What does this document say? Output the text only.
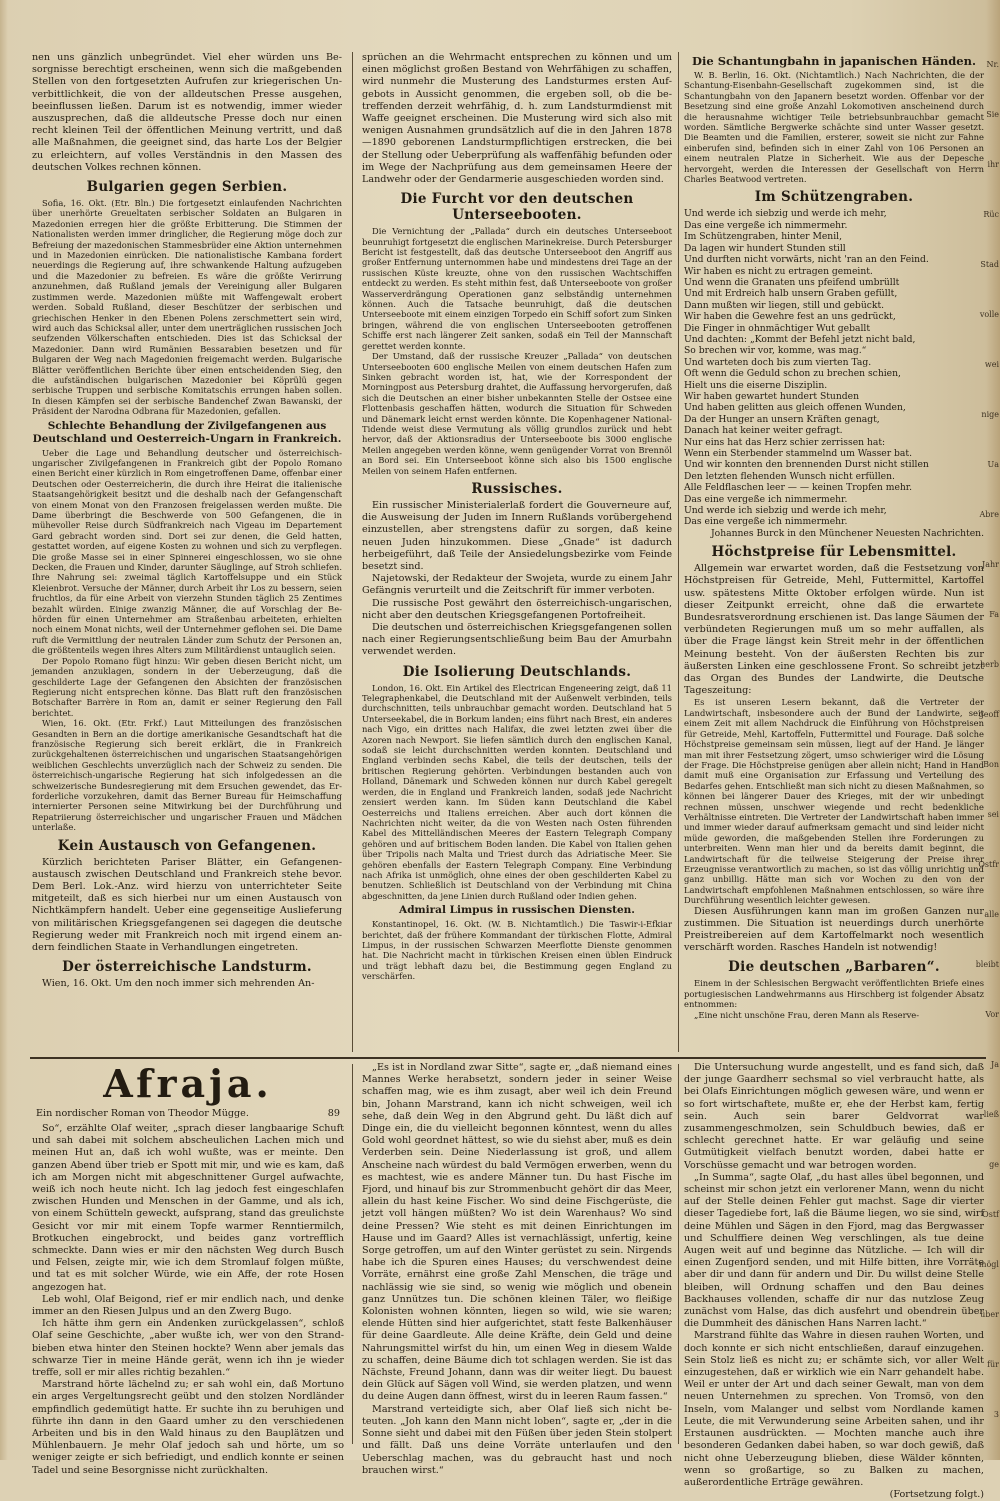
nen uns gänzlich unbegründet. Viel eher würden uns Besorgnisse berechtigt erscheinen, wenn sich die maßgebenden Stellen von den fortgesetzten Aufrufen zur kriegerischen Unverbittlichkeit, die von der alldeutschen Presse ausgehen, beeinflussen ließen. Darum ist es notwendig, immer wieder auszusprechen, daß die alldeutsche Presse doch nur einen recht kleinen Teil der öffentlichen Meinung vertritt, und daß alle Maßnahmen, die geeignet sind, das harte Los der Belgier zu erleichtern, auf volles Verständnis in den Massen des deutschen Volkes rechnen können.

Bulgarien gegen Serbien.

Sofia, 16. Okt. (Etr. Bln.) Die fortgesetzt einlaufenden Nachrichten über unerhörte Greueltaten serbischer Soldaten an Bulgaren in Mazedonien erregen hier die größte Erbitterung. Die Stimmen der Nationalisten werden immer dringlicher, die Regierung möge doch zur Befreiung der mazedonischen Stammesbrüder eine Aktion unternehmen und in Mazedonien einrücken. Die nationalistische Kambana fordert neuerdings die Regierung auf, ihre schwankende Haltung aufzugeben und die Mazedonier zu befreien. Es wäre die größte Verirrung anzunehmen, daß Rußland jemals der Vereinigung aller Bulgaren zustimmen werde. Mazedonien müßte mit Waffengewalt erobert werden. Sobald Rußland, dieser Beschützer der serbischen und griechischen Henker in den Ebenen Polens zerschmettert sein wird, wird auch das Schicksal aller, unter dem unerträglichen russischen Joch seufzenden Völkerschaften entschieden. Dies ist das Schicksal der Mazedonier. Dann wird Rumänien Bessarabien besetzen und für Bulgaren der Weg nach Magedonien freigemacht werden. Bulgarische Blätter veröffentlichen Berichte über einen entscheidenden Sieg, den die aufständischen bulgarischen Mazedonier bei Köprülü gegen serbische Truppen und serbische Komitatschis errungen haben sollen. In diesen Kämpfen sei der serbische Bandenchef Zwan Bawanski, der Präsident der Narodna Odbrana für Mazedonien, gefallen.

Schlechte Behandlung der Zivilgefangenen aus Deutschland und Oesterreich-Ungarn in Frankreich.

Ueber die Lage und Behandlung deutscher und österreichisch-ungarischer Zivilgefangenen in Frankreich gibt der Popolo Romano einen Bericht einer kürzlich in Rom eingetroffenen Dame, offenbar einer Deutschen oder Oesterreicherin, die durch ihre Heirat die italienische Staatsangehörigkeit besitzt und die deshalb nach der Gefangenschaft von einem Monat von den Franzosen freigelassen werden mußte. Die Dame überbringt die Beschwerde von 500 Gefangenen, die in mühevoller Reise durch Südfrankreich nach Vigeau im Departement Gard gebracht worden sind. Dort sei zur denen, die Geld hatten, gestattet worden, auf eigene Kosten zu wohnen und sich zu verpflegen. Die große Masse sei in einer Spinnerei eingeschlossen, wo sie ohne Decken, die Frauen und Kinder, darunter Säuglinge, auf Stroh schliefen. Ihre Nahrung sei: zweimal täglich Kartoffelsuppe und ein Stück Kleienbrot. Versuche der Männer, durch Arbeit ihr Los zu bessern, seien fruchtlos, da für eine Arbeit von vierzehn Stunden täglich 25 Zentimes bezahlt würden. Einige zwanzig Männer, die auf Vorschlag der Behörden für einen Unternehmer am Straßenbau arbeiteten, erhielten noch einem Monat nichts, weil der Unternehmer geflohen sei. Die Dame ruft die Vermittlung der neutralen Länder zum Schutz der Personen an, die größtenteils wegen ihres Alters zum Militärdienst untauglich seien.

Der Popolo Romano fügt hinzu: Wir geben diesen Bericht nicht, um jemanden anzuklagen, sondern in der Ueberzeugung, daß die geschilderte Lage der Gefangenen den Absichten der französischen Regierung nicht entsprechen könne. Das Blatt ruft den französischen Botschafter Barrère in Rom an, damit er seiner Regierung den Fall berichtet.

Wien, 16. Okt. (Etr. Frkf.) Laut Mitteilungen des französischen Gesandten in Bern an die dortige amerikanische Gesandtschaft hat die französische Regierung sich bereit erklärt, die in Frankreich zurückgehaltenen österreichischen und ungarischen Staatsangehörigen weiblichen Geschlechts unverzüglich nach der Schweiz zu senden. Die österreichisch-ungarische Regierung hat sich infolgedessen an die schweizerische Bundesregierung mit dem Ersuchen gewendet, das Erforderliche vorzukehren, damit das Berner Bureau für Heimschaffung internierter Personen seine Mitwirkung bei der Durchführung und Repatriierung österreichischer und ungarischer Frauen und Mädchen unterlaße.

Kein Austausch von Gefangenen.

Kürzlich berichteten Pariser Blätter, ein Gefangenenaustausch zwischen Deutschland und Frankreich stehe bevor. Dem Berl. Lok.-Anz. wird hierzu von unterrichteter Seite mitgeteilt, daß es sich hierbei nur um einen Austausch von Nichtkämpfern handelt. Ueber eine gegenseitige Auslieferung von militärischen Kriegsgefangenen sei dagegen die deutsche Regierung weder mit Frankreich noch mit irgend einem andern feindlichen Staate in Verhandlungen eingetreten.

Der österreichische Landsturm.

Wien, 16. Okt. Um den noch immer sich mehrenden An-

sprüchen an die Wehrmacht entsprechen zu können und um einen möglichst großen Bestand von Wehrfähigen zu schaffen, wird nunmehr die Musterung des Landsturmes ersten Aufgebots in Aussicht genommen, die ergeben soll, ob die betreffenden derzeit wehrfähig, d. h. zum Landsturmdienst mit Waffe geeignet erscheinen. Die Musterung wird sich also mit wenigen Ausnahmen grundsätzlich auf die in den Jahren 1878—1890 geborenen Landsturmpflichtigen erstrecken, die bei der Stellung oder Ueberprüfung als waffenfähig befunden oder im Wege der Nachprüfung aus dem gemeinsamen Heere der Landwehr oder der Gendarmerie ausgeschieden worden sind.

Die Furcht vor den deutschen Unterseebooten.

Die Vernichtung der „Pallada“ durch ein deutsches Unterseeboot beunruhigt fortgesetzt die englischen Marinekreise. Durch Petersburger Bericht ist festgestellt, daß das deutsche Unterseeboot den Angriff aus großer Entfernung unternommen habe und mindestens drei Tage an der russischen Küste kreuzte, ohne von den russischen Wachtschiffen entdeckt zu werden. Es steht mithin fest, daß Unterseeboote von großer Wasserverdrängung Operationen ganz selbständig unternehmen können. Auch die Tatsache beunruhigt, daß die deutschen Unterseeboote mit einem einzigen Torpedo ein Schiff sofort zum Sinken bringen, während die von englischen Unterseebooten getroffenen Schiffe erst nach längerer Zeit sanken, sodaß ein Teil der Mannschaft gerettet werden konnte.

Der Umstand, daß der russische Kreuzer „Pallada“ von deutschen Unterseebooten 600 englische Meilen von einem deutschen Hafen zum Sinken gebracht worden ist, hat, wie der Korrespondent der Morningpost aus Petersburg drahtet, die Auffassung hervorgerufen, daß sich die Deutschen an einer bisher unbekannten Stelle der Ostsee eine Flottenbasis geschaffen hätten, wodurch die Situation für Schweden und Dänemark leicht ernst werden könnte. Die Kopenhagener National-Tidende weist diese Vermutung als völlig grundlos zurück und hebt hervor, daß der Aktionsradius der Unterseeboote bis 3000 englische Meilen angegeben werden könne, wenn genügender Vorrat von Brennöl an Bord sei. Ein Unterseeboot könne sich also bis 1500 englische Meilen von seinem Hafen entfernen.

Russisches.

Ein russischer Ministerialerlaß fordert die Gouverneure auf, die Ausweisung der Juden im Innern Rußlands vorübergehend einzustellen, aber strengstens dafür zu sorgen, daß keine neuen Juden hinzukommen. Diese „Gnade“ ist dadurch herbeigeführt, daß Teile der Ansiedelungsbezirke vom Feinde besetzt sind.

Najetowski, der Redakteur der Swojeta, wurde zu einem Jahr Gefängnis verurteilt und die Zeitschrift für immer verboten.

Die russische Post gewährt den österreichisch-ungarischen, nicht aber den deutschen Kriegsgefangenen Portofreiheit.

Die deutschen und österreichischen Kriegsgefangenen sollen nach einer Regierungsentschließung beim Bau der Amurbahn verwendet werden.

Die Isolierung Deutschlands.

London, 16. Okt. Ein Artikel des Electrican Engeneering zeigt, daß 11 Telegraphenkabel, die Deutschland mit der Außenwelt verbinden, teils durchschnitten, teils unbrauchbar gemacht worden. Deutschland hat 5 Unterseekabel, die in Borkum landen; eins führt nach Brest, ein anderes nach Vigo, ein drittes nach Halifax, die zwei letzten zwei über die Azoren nach Newport. Sie liefen sämtlich durch den englischen Kanal, sodaß sie leicht durchschnitten werden konnten. Deutschland und England verbinden sechs Kabel, die teils der deutschen, teils der britischen Regierung gehörten. Verbindungen bestanden auch von Holland, Dänemark und Schweden können nur durch Kabel geregelt werden, die in England und Frankreich landen, sodaß jede Nachricht zensiert werden kann. Im Süden kann Deutschland die Kabel Oesterreichs und Italiens erreichen. Aber auch dort können die Nachrichten nicht weiter, da die von Westen nach Osten führenden Kabel des Mittelländischen Meeres der Eastern Telegraph Company gehören und auf britischem Boden landen. Die Kabel von Italien gehen über Tripolis nach Malta und Triest durch das Adriatische Meer. Sie gehören ebenfalls der Eastern Telegraph Company. Eine Verbindung nach Afrika ist unmöglich, ohne eines der oben geschilderten Kabel zu benutzen. Schließlich ist Deutschland von der Verbindung mit China abgeschnitten, da jene Linien durch Rußland oder Indien gehen.

Admiral Limpus in russischen Diensten.

Konstantinopel, 16. Okt. (W. B. Nichtamtlich.) Die Taswir-i-Efkiar berichtet, daß der frühere Kommandant der türkischen Flotte, Admiral Limpus, in der russischen Schwarzen Meerflotte Dienste genommen hat. Die Nachricht macht in türkischen Kreisen einen üblen Eindruck und trägt lebhaft dazu bei, die Bestimmung gegen England zu verschärfen.

Die Schantungbahn in japanischen Händen.

W. B. Berlin, 16. Okt. (Nichtamtlich.) Nach Nachrichten, die der Schantung-Eisenbahn-Gesellschaft zugekommen sind, ist die Schantungbahn von den Japanern besetzt worden. Offenbar vor der Besetzung sind eine große Anzahl Lokomotiven anscheinend durch die herausnahme wichtiger Teile betriebsunbrauchbar gemacht worden. Sämtliche Bergwerke schächte sind unter Wasser gesetzt. Die Beamten und die Familien, ersterer, soweit sie nicht zur Fahne einberufen sind, befinden sich in einer Zahl von 106 Personen an einem neutralen Platze in Sicherheit. Wie aus der Depesche hervorgeht, werden die Interessen der Gesellschaft von Herrn Charles Beatwood vertreten.

Im Schützengraben.

Und werde ich siebzig und werde ich mehr,

Das eine vergeße ich nimmermehr.

Im Schützengraben, hinter Menil,

Da lagen wir hundert Stunden still

Und durften nicht vorwärts, nicht 'ran an den Feind.

Wir haben es nicht zu ertragen gemeint.

Und wenn die Granaten uns pfeifend umbrüllt

Und mit Erdreich halb unsern Graben gefüllt,

Dann mußten wir liegen, still und gebückt.

Wir haben die Gewehre fest an uns gedrückt,

Die Finger in ohnmächtiger Wut geballt

Und dachten: „Kommt der Befehl jetzt nicht bald,

So brechen wir vor, komme, was mag.“

Und warteten doch bis zum vierten Tag.

Oft wenn die Geduld schon zu brechen schien,

Hielt uns die eiserne Disziplin.

Wir haben gewartet hundert Stunden

Und haben gelitten aus gleich offenen Wunden,

Da der Hunger an unsern Kräften genagt,

Danach hat keiner weiter gefragt.

Nur eins hat das Herz schier zerrissen hat:

Wenn ein Sterbender stammelnd um Wasser bat.

Und wir konnten den brennenden Durst nicht stillen

Den letzten flehenden Wunsch nicht erfüllen.

Alle Feldflaschen leer — — keinen Tropfen mehr.

Das eine vergeße ich nimmermehr.

Und werde ich siebzig und werde ich mehr,

Das eine vergeße ich nimmermehr.

Johannes Burck in den Münchener Neuesten Nachrichten.

Höchstpreise für Lebensmittel.

Allgemein war erwartet worden, daß die Festsetzung von Höchstpreisen für Getreide, Mehl, Futtermittel, Kartoffel usw. spätestens Mitte Oktober erfolgen würde. Nun ist dieser Zeitpunkt erreicht, ohne daß die erwartete Bundesratsverordnung erschienen ist. Das lange Säumen der verbündeten Regierungen muß um so mehr auffallen, als über die Frage längst kein Streit mehr in der öffentlichen Meinung besteht. Von der äußersten Rechten bis zur äußersten Linken eine geschlossene Front. So schreibt jetzt das Organ des Bundes der Landwirte, die Deutsche Tageszeitung:

Es ist unseren Lesern bekannt, daß die Vertreter der Landwirtschaft, insbesondere auch der Bund der Landwirte, seit einem Zeit mit allem Nachdruck die Einführung von Höchstpreisen für Getreide, Mehl, Kartoffeln, Futtermittel und Fourage. Daß solche Höchstpreise gemeinsam sein müssen, liegt auf der Hand. Je länger man mit ihrer Festsetzung zögert, umso schwieriger wird die Lösung der Frage. Die Höchstpreise genügen aber allein nicht; Hand in Hand damit muß eine Organisation zur Erfassung und Verteilung des Bedarfes gehen. Entschließt man sich nicht zu diesen Maßnahmen, so können bei längerer Dauer des Krieges, mit der wir unbedingt rechnen müssen, unschwer wiegende und recht bedenkliche Verhältnisse eintreten. Die Vertreter der Landwirtschaft haben immer und immer wieder darauf aufmerksam gemacht und sind leider nicht müde geworden, die maßgebenden Stellen ihre Forderungen zu unterbreiten. Wenn man hier und da bereits damit beginnt, die Landwirtschaft für die teilweise Steigerung der Preise ihrer Erzeugnisse verantwortlich zu machen, so ist das völlig unrichtig und ganz unbillig. Hätte man sich vor Wochen zu den von der Landwirtschaft empfohlenen Maßnahmen entschlossen, so wäre ihre Durchführung wesentlich leichter gewesen.

Diesen Ausführungen kann man im großen Ganzen nur zustimmen. Die Situation ist neuerdings durch unerhörte Preistreibereien auf dem Kartoffelmarkt noch wesentlich verschärft worden. Rasches Handeln ist notwendig!

Die deutschen „Barbaren“.

Einem in der Schlesischen Bergwacht veröffentlichten Briefe eines portugiesischen Landwehrmanns aus Hirschberg ist folgender Absatz entnommen:

„Eine nicht unschöne Frau, deren Mann als Reserve-

Afraja.
Ein nordischer Roman von Theodor Mügge.	89

So“, erzählte Olaf weiter, „sprach dieser langbaarige Schuft und sah dabei mit solchem abscheulichen Lachen mich und meinen Hut an, daß ich wohl wußte, was er meinte. Den ganzen Abend über trieb er Spott mit mir, und wie es kam, daß ich am Morgen nicht mit abgeschnittener Gurgel aufwachte, weiß ich noch heute nicht. Ich lag jedoch fest eingeschlafen zwischen Hunden und Menschen in der Gamme, und als ich, von einem Schütteln geweckt, aufsprang, stand das greulichste Gesicht vor mir mit einem Topfe warmer Renntiermilch, Brotkuchen eingebrockt, und beides ganz vortrefflich schmeckte. Dann wies er mir den nächsten Weg durch Busch und Felsen, zeigte mir, wie ich dem Stromlauf folgen müßte, und tat es mit solcher Würde, wie ein Affe, der rote Hosen angezogen hat.

Leb wohl, Olaf Beigond, rief er mir endlich nach, und denke immer an den Riesen Julpus und an den Zwerg Bugo.

Ich hätte ihm gern ein Andenken zurückgelassen“, schloß Olaf seine Geschichte, „aber wußte ich, wer von den Strandbieben etwa hinter den Steinen hockte? Wenn aber jemals das schwarze Tier in meine Hände gerät, wenn ich ihn je wieder treffe, soll er mir alles richtig bezahlen.“

Marstrand hörte lächelnd zu; er sah wohl ein, daß Mortuno ein arges Vergeltungsrecht geübt und den stolzen Nordländer empfindlich gedemütigt hatte. Er suchte ihn zu beruhigen und führte ihn dann in den Gaard umher zu den verschiedenen Arbeiten und bis in den Wald hinaus zu den Bauplätzen und Mühlenbauern. Je mehr Olaf jedoch sah und hörte, um so weniger zeigte er sich befriedigt, und endlich konnte er seinen Tadel und seine Besorgnisse nicht zurückhalten.

„Es ist in Nordland zwar Sitte“, sagte er, „daß niemand eines Mannes Werke herabsetzt, sondern jeder in seiner Weise schaffen mag, wie es ihm zusagt, aber weil ich dein Freund bin, Johann Marstrand, kann ich nicht schweigen, weil ich sehe, daß dein Weg in den Abgrund geht. Du läßt dich auf Dinge ein, die du vielleicht begonnen könntest, wenn du alles Gold wohl geordnet hättest, so wie du siehst aber, muß es dein Verderben sein. Deine Niederlassung ist groß, und allem Anscheine nach würdest du bald Vermögen erwerben, wenn du es machtest, wie es andere Männer tun. Du hast Fische im Fjord, und hinauf bis zur Strommenbucht gehört dir das Meer, allein du hast keine Fischer. Wo sind deine Fischgerüste, die jetzt voll hängen müßten? Wo ist dein Warenhaus? Wo sind deine Pressen? Wie steht es mit deinen Einrichtungen im Hause und im Gaard? Alles ist vernachlässigt, unfertig, keine Sorge getroffen, um auf den Winter gerüstet zu sein. Nirgends habe ich die Spuren eines Hauses; du verschwendest deine Vorräte, ernährst eine große Zahl Menschen, die träge und nachlässig wie sie sind, so wenig wie möglich und obenein ganz Unnützes tun. Die schönen kleinen Täler, wo fleißige Kolonisten wohnen könnten, liegen so wild, wie sie waren; elende Hütten sind hier aufgerichtet, statt feste Balkenhäuser für deine Gaardleute. Alle deine Kräfte, dein Geld und deine Nahrungsmittel wirfst du hin, um einen Weg in diesem Walde zu schaffen, deine Bäume dich tot schlagen werden. Sie ist das Nächste, Freund Johann, dann was dir weiter liegt. Du bauest dein Glück auf Sägen voll Wind, sie werden platzen, und wenn du deine Augen dann öffnest, wirst du in leeren Raum fassen.“

Marstrand verteidigte sich, aber Olaf ließ sich nicht beteuten. „Joh kann den Mann nicht loben“, sagte er, „der in die Sonne sieht und dabei mit den Füßen über jeden Stein stolpert und fällt. Daß uns deine Vorräte unterlaufen und den Ueberschlag machen, was du gebraucht hast und noch brauchen wirst.“

Die Untersuchung wurde angestellt, und es fand sich, daß der junge Gaardherr sechsmal so viel verbraucht hatte, als bei Olafs Einrichtungen möglich gewesen wäre, und wenn er so fort wirtschaftete, mußte er, ehe der Herbst kam, fertig sein. Auch sein barer Geldvorrat war zusammengeschmolzen, sein Schuldbuch bewies, daß er schlecht gerechnet hatte. Er war geläufig und seine Gutmütigkeit vielfach benutzt worden, dabei hatte er Vorschüsse gemacht und war betrogen worden.

„In Summa“, sagte Olaf, „du hast alles übel begonnen, und scheinst mir schon jetzt ein verlorener Mann, wenn du nicht auf der Stelle deinen Fehler gut machst. Sage dir vierter dieser Tagediebe fort, laß die Bäume liegen, wo sie sind, wirf deine Mühlen und Sägen in den Fjord, mag das Bergwasser und Schulffiere deinen Weg verschlingen, als tue deine Augen weit auf und beginne das Nützliche. — Ich will dir einen Zugenfjord senden, und mit Hilfe bitten, ihre Vorräte aber dir und dann für andern und Dir. Du willst deine Stelle bleiben, will Ordnung schaffen und den Bau deines Backhauses vollenden, schaffe dir nur das nutzlose Zeug zunächst vom Halse, das dich ausfehrt und obendrein über die Dummheit des dänischen Hans Narren lacht.“

Marstrand fühlte das Wahre in diesen rauhen Worten, und doch konnte er sich nicht entschließen, darauf einzugehen. Sein Stolz ließ es nicht zu; er schämte sich, vor aller Welt einzugestehen, daß er wirklich wie ein Narr gehandelt habe. Weil er unter der Art und dach seiner Gewalt, man von dem neuen Unternehmen zu sprechen. Von Tromsö, von den Inseln, vom Malanger und selbst vom Nordlande kamen Leute, die mit Verwunderung seine Arbeiten sahen, und ihr Erstaunen ausdrückten. — Mochten manche auch ihre besonderen Gedanken dabei haben, so war doch gewiß, daß nicht ohne Ueberzeugung blieben, diese Wälder könnten, wenn so großartige, so zu Balken zu machen, außerordentliche Erträge gewähren.

(Fortsetzung folgt.)

Nr.
Sie
ihr
Rüc
Stad
volle
wei
nige
Ua
Abre
Jahr
Fa
herb
geoff
Bon
sei
Ostfr
alle
bleibt
Vor
Ja
ließ
ge
Ostf
mögl
über
für
3
